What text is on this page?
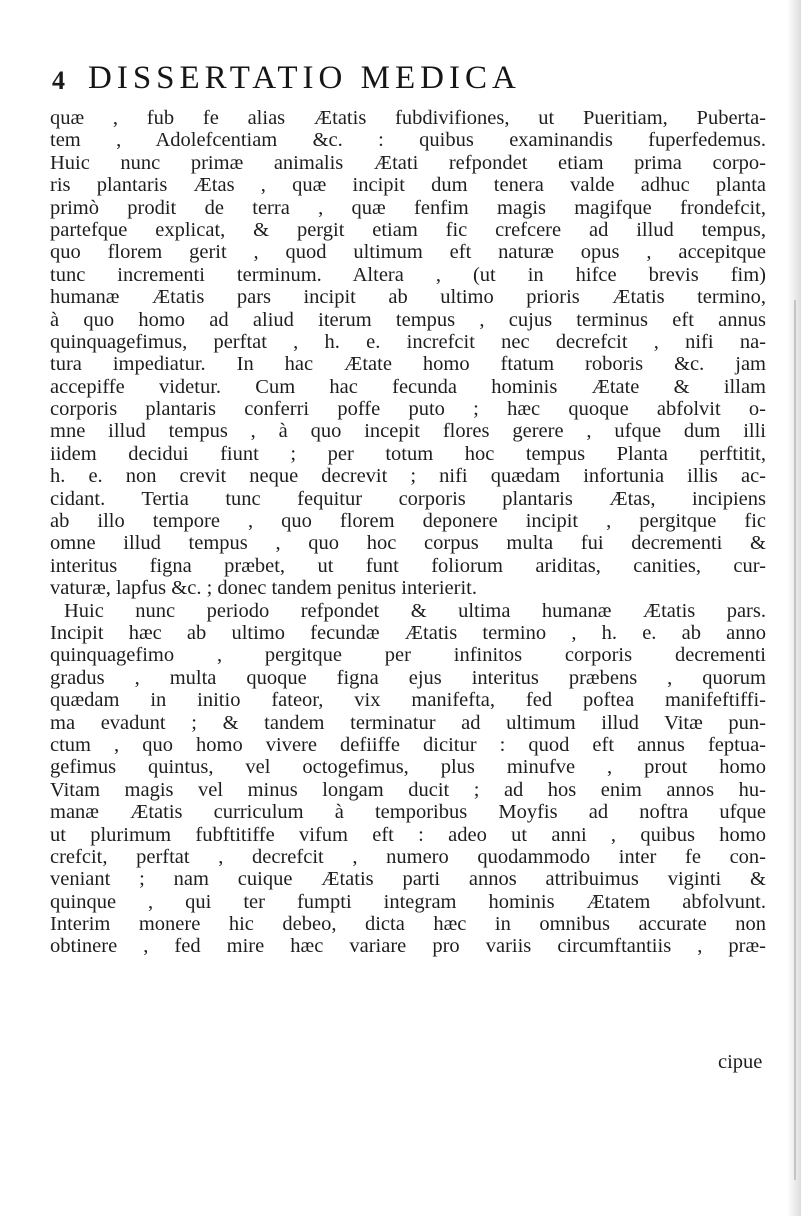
4 DISSERTATIO MEDICA
quæ , fub fe alias Ætatis fubdivifiones, ut Pueritiam, Puberta-
tem , Adolefcentiam &c. : quibus examinandis fuperfedemus.
Huic nunc primæ animalis Ætati refpondet etiam prima corpo-
ris plantaris Ætas , quæ incipit dum tenera valde adhuc planta
primò prodit de terra , quæ fenfim magis magifque frondefcit,
partefque explicat, & pergit etiam fic crefcere ad illud tempus,
quo florem gerit , quod ultimum eft naturæ opus , accepitque
tunc incrementi terminum. Altera , (ut in hifce brevis fim)
humanæ Ætatis pars incipit ab ultimo prioris Ætatis termino,
à quo homo ad aliud iterum tempus , cujus terminus eft annus
quinquagefimus, perftat , h. e. increfcit nec decrefcit , nifi na-
tura impediatur. In hac Ætate homo ftatum roboris &c. jam
accepiffe videtur. Cum hac fecunda hominis Ætate & illam
corporis plantaris conferri poffe puto ; hæc quoque abfolvit o-
mne illud tempus , à quo incepit flores gerere , ufque dum illi
iidem decidui fiunt ; per totum hoc tempus Planta perftitit,
h. e. non crevit neque decrevit ; nifi quædam infortunia illis ac-
cidant. Tertia tunc fequitur corporis plantaris Ætas, incipiens
ab illo tempore , quo florem deponere incipit , pergitque fic
omne illud tempus , quo hoc corpus multa fui decrementi &
interitus figna præbet, ut funt foliorum ariditas, canities, cur-
vaturæ, lapfus &c. ; donec tandem penitus interierit.
Huic nunc periodo refpondet & ultima humanæ Ætatis pars.
Incipit hæc ab ultimo fecundæ Ætatis termino , h. e. ab anno
quinquagefimo , pergitque per infinitos corporis decrementi
gradus , multa quoque figna ejus interitus præbens , quorum
quædam in initio fateor, vix manifefta, fed poftea manifeftiffi-
ma evadunt ; & tandem terminatur ad ultimum illud Vitæ pun-
ctum , quo homo vivere defiiffe dicitur : quod eft annus feptua-
gefimus quintus, vel octogefimus, plus minufve , prout homo
Vitam magis vel minus longam ducit ; ad hos enim annos hu-
manæ Ætatis curriculum à temporibus Moyfis ad noftra ufque
ut plurimum fubftitiffe vifum eft : adeo ut anni , quibus homo
crefcit, perftat , decrefcit , numero quodammodo inter fe con-
veniant ; nam cuique Ætatis parti annos attribuimus viginti &
quinque , qui ter fumpti integram hominis Ætatem abfolvunt.
Interim monere hic debeo, dicta hæc in omnibus accurate non
obtinere , fed mire hæc variare pro variis circumftantiis , præ-
cipue
